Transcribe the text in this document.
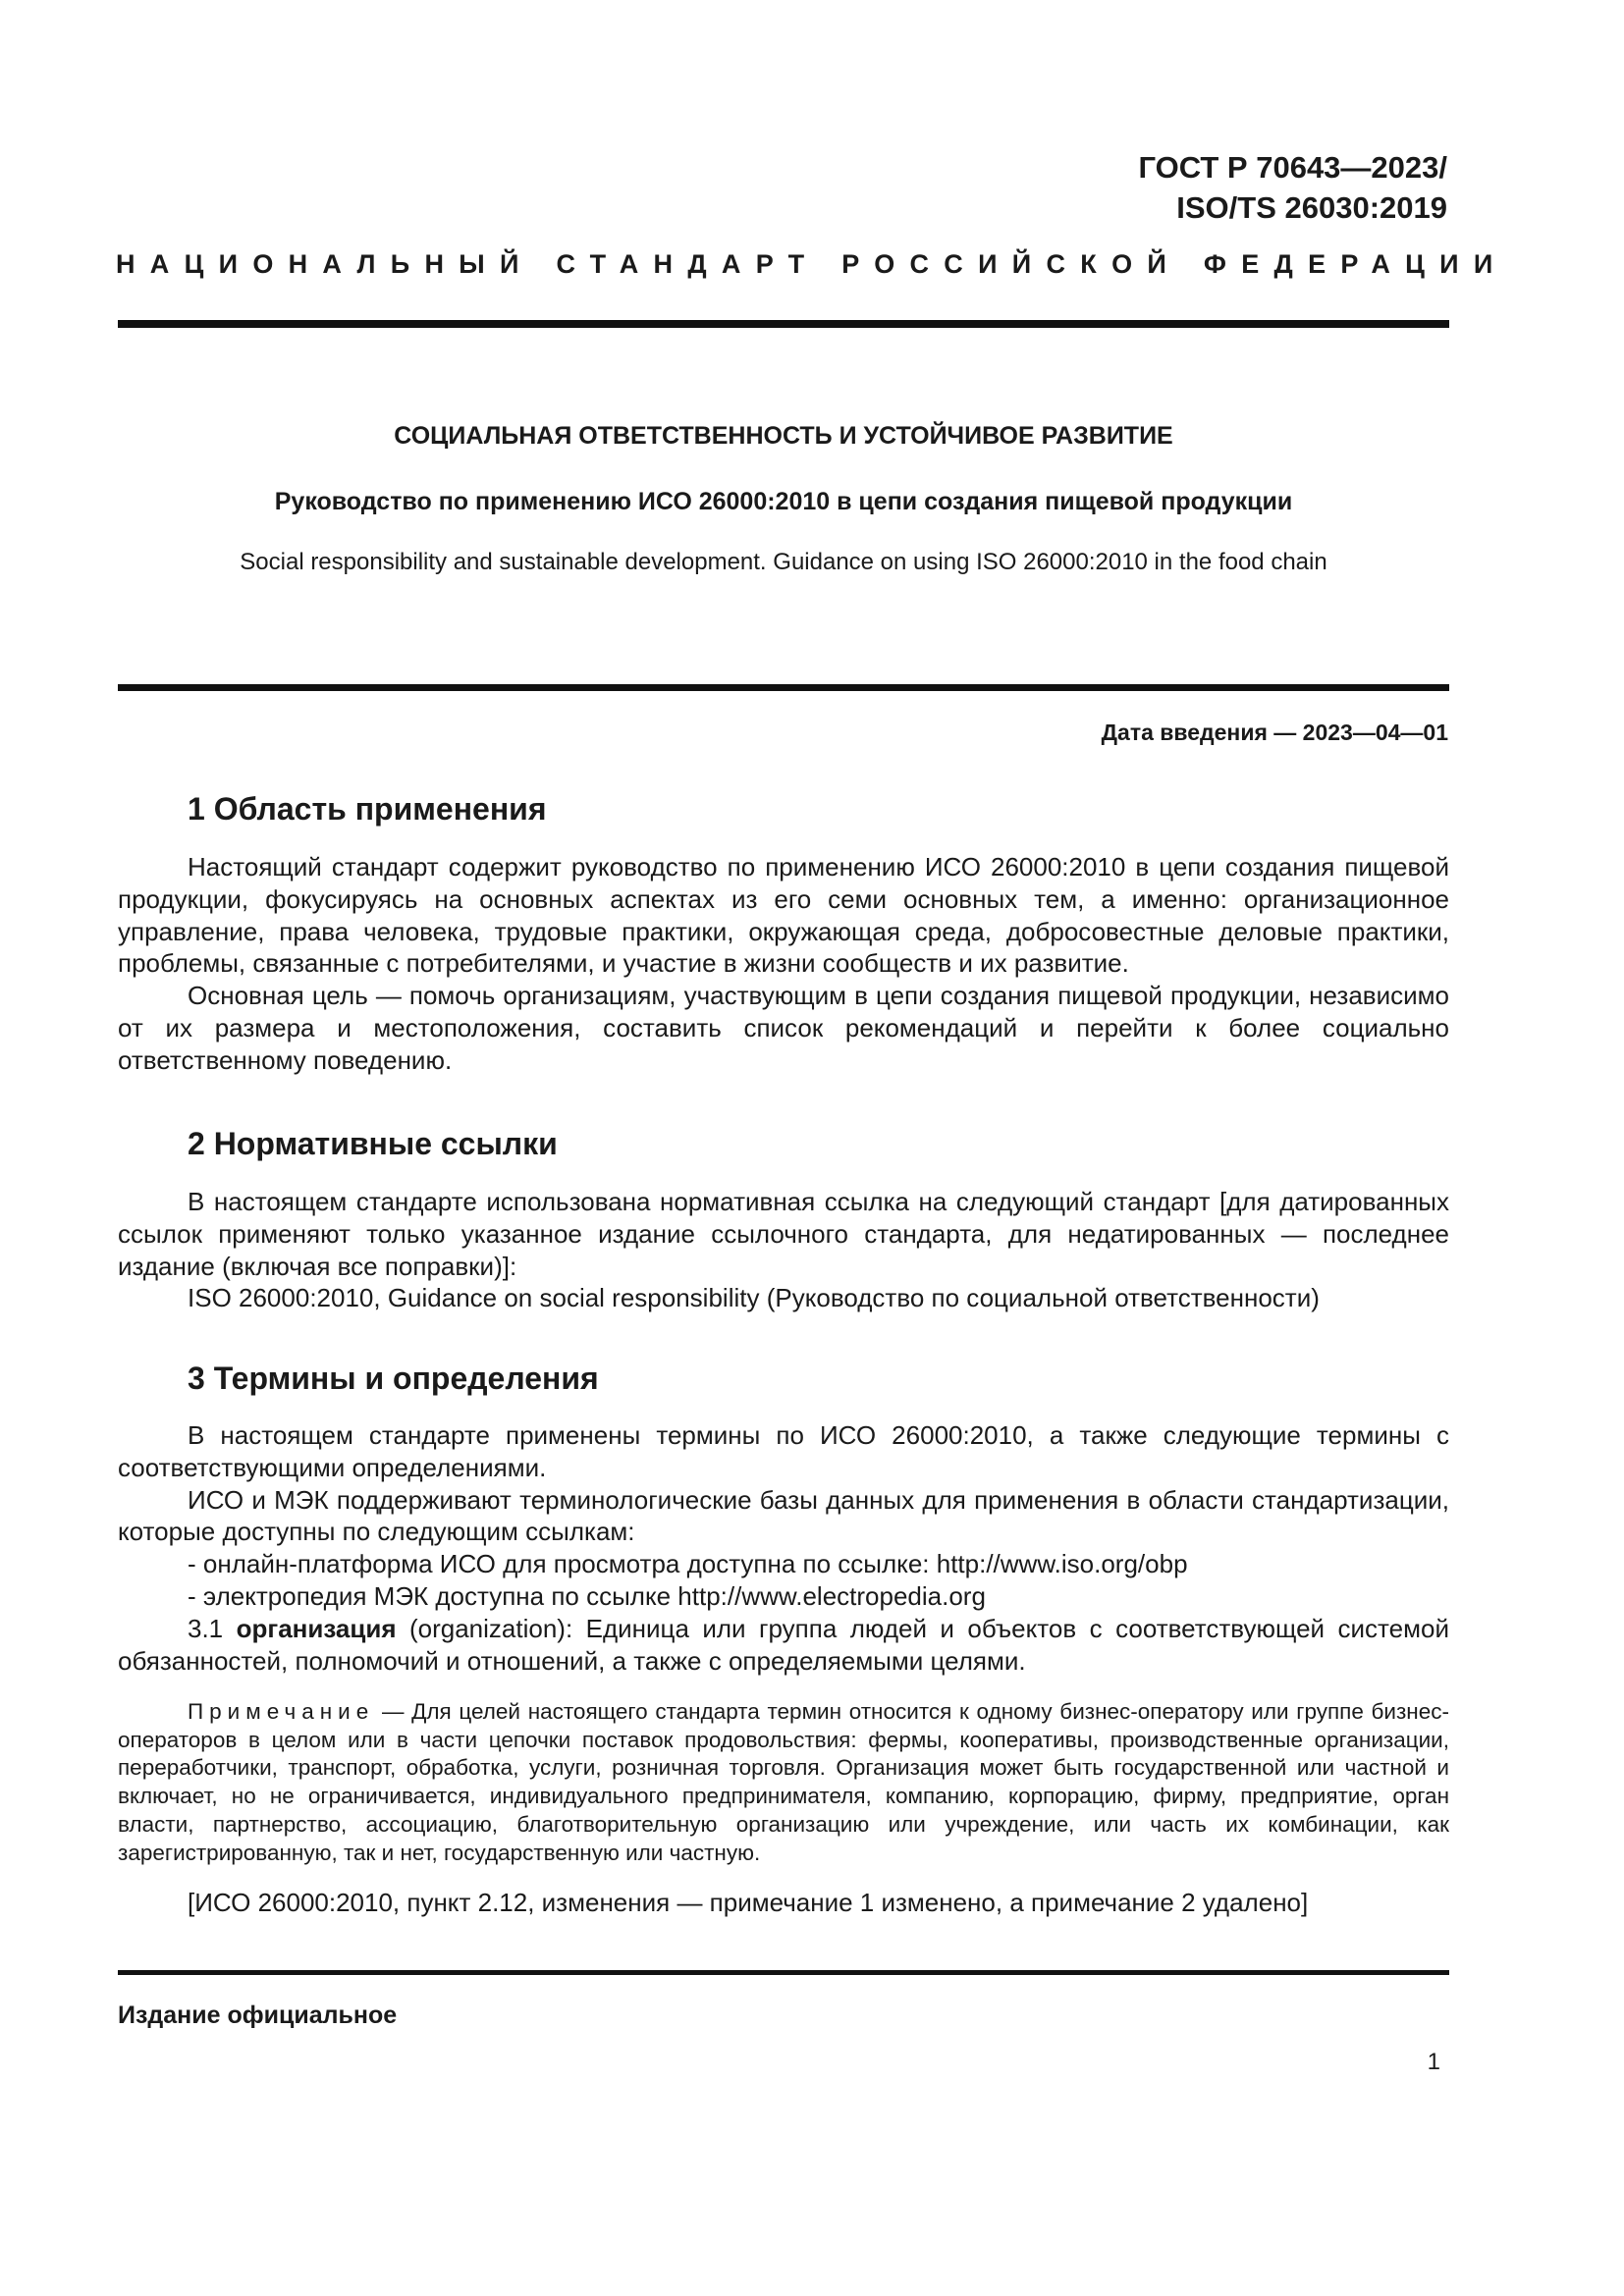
ГОСТ Р 70643—2023/
ISO/TS 26030:2019
НАЦИОНАЛЬНЫЙ СТАНДАРТ РОССИЙСКОЙ ФЕДЕРАЦИИ
СОЦИАЛЬНАЯ ОТВЕТСТВЕННОСТЬ И УСТОЙЧИВОЕ РАЗВИТИЕ
Руководство по применению ИСО 26000:2010 в цепи создания пищевой продукции
Social responsibility and sustainable development. Guidance on using ISO 26000:2010 in the food chain
Дата введения — 2023—04—01
1 Область применения

Настоящий стандарт содержит руководство по применению ИСО 26000:2010 в цепи создания пищевой продукции, фокусируясь на основных аспектах из его семи основных тем, а именно: организационное управление, права человека, трудовые практики, окружающая среда, добросовестные деловые практики, проблемы, связанные с потребителями, и участие в жизни сообществ и их развитие.

Основная цель — помочь организациям, участвующим в цепи создания пищевой продукции, независимо от их размера и местоположения, составить список рекомендаций и перейти к более социально ответственному поведению.

2 Нормативные ссылки

В настоящем стандарте использована нормативная ссылка на следующий стандарт [для датированных ссылок применяют только указанное издание ссылочного стандарта, для недатированных — последнее издание (включая все поправки)]:

ISO 26000:2010, Guidance on social responsibility (Руководство по социальной ответственности)

3 Термины и определения

В настоящем стандарте применены термины по ИСО 26000:2010, а также следующие термины с соответствующими определениями.

ИСО и МЭК поддерживают терминологические базы данных для применения в области стандартизации, которые доступны по следующим ссылкам:

- онлайн-платформа ИСО для просмотра доступна по ссылке: http://www.iso.org/obp

- электропедия МЭК доступна по ссылке http://www.electropedia.org

3.1 организация (organization): Единица или группа людей и объектов с соответствующей системой обязанностей, полномочий и отношений, а также с определяемыми целями.

Примечание — Для целей настоящего стандарта термин относится к одному бизнес-оператору или группе бизнес-операторов в целом или в части цепочки поставок продовольствия: фермы, кооперативы, производственные организации, переработчики, транспорт, обработка, услуги, розничная торговля. Организация может быть государственной или частной и включает, но не ограничивается, индивидуального предпринимателя, компанию, корпорацию, фирму, предприятие, орган власти, партнерство, ассоциацию, благотворительную организацию или учреждение, или часть их комбинации, как зарегистрированную, так и нет, государственную или частную.

[ИСО 26000:2010, пункт 2.12, изменения — примечание 1 изменено, а примечание 2 удалено]

Издание официальное
1
